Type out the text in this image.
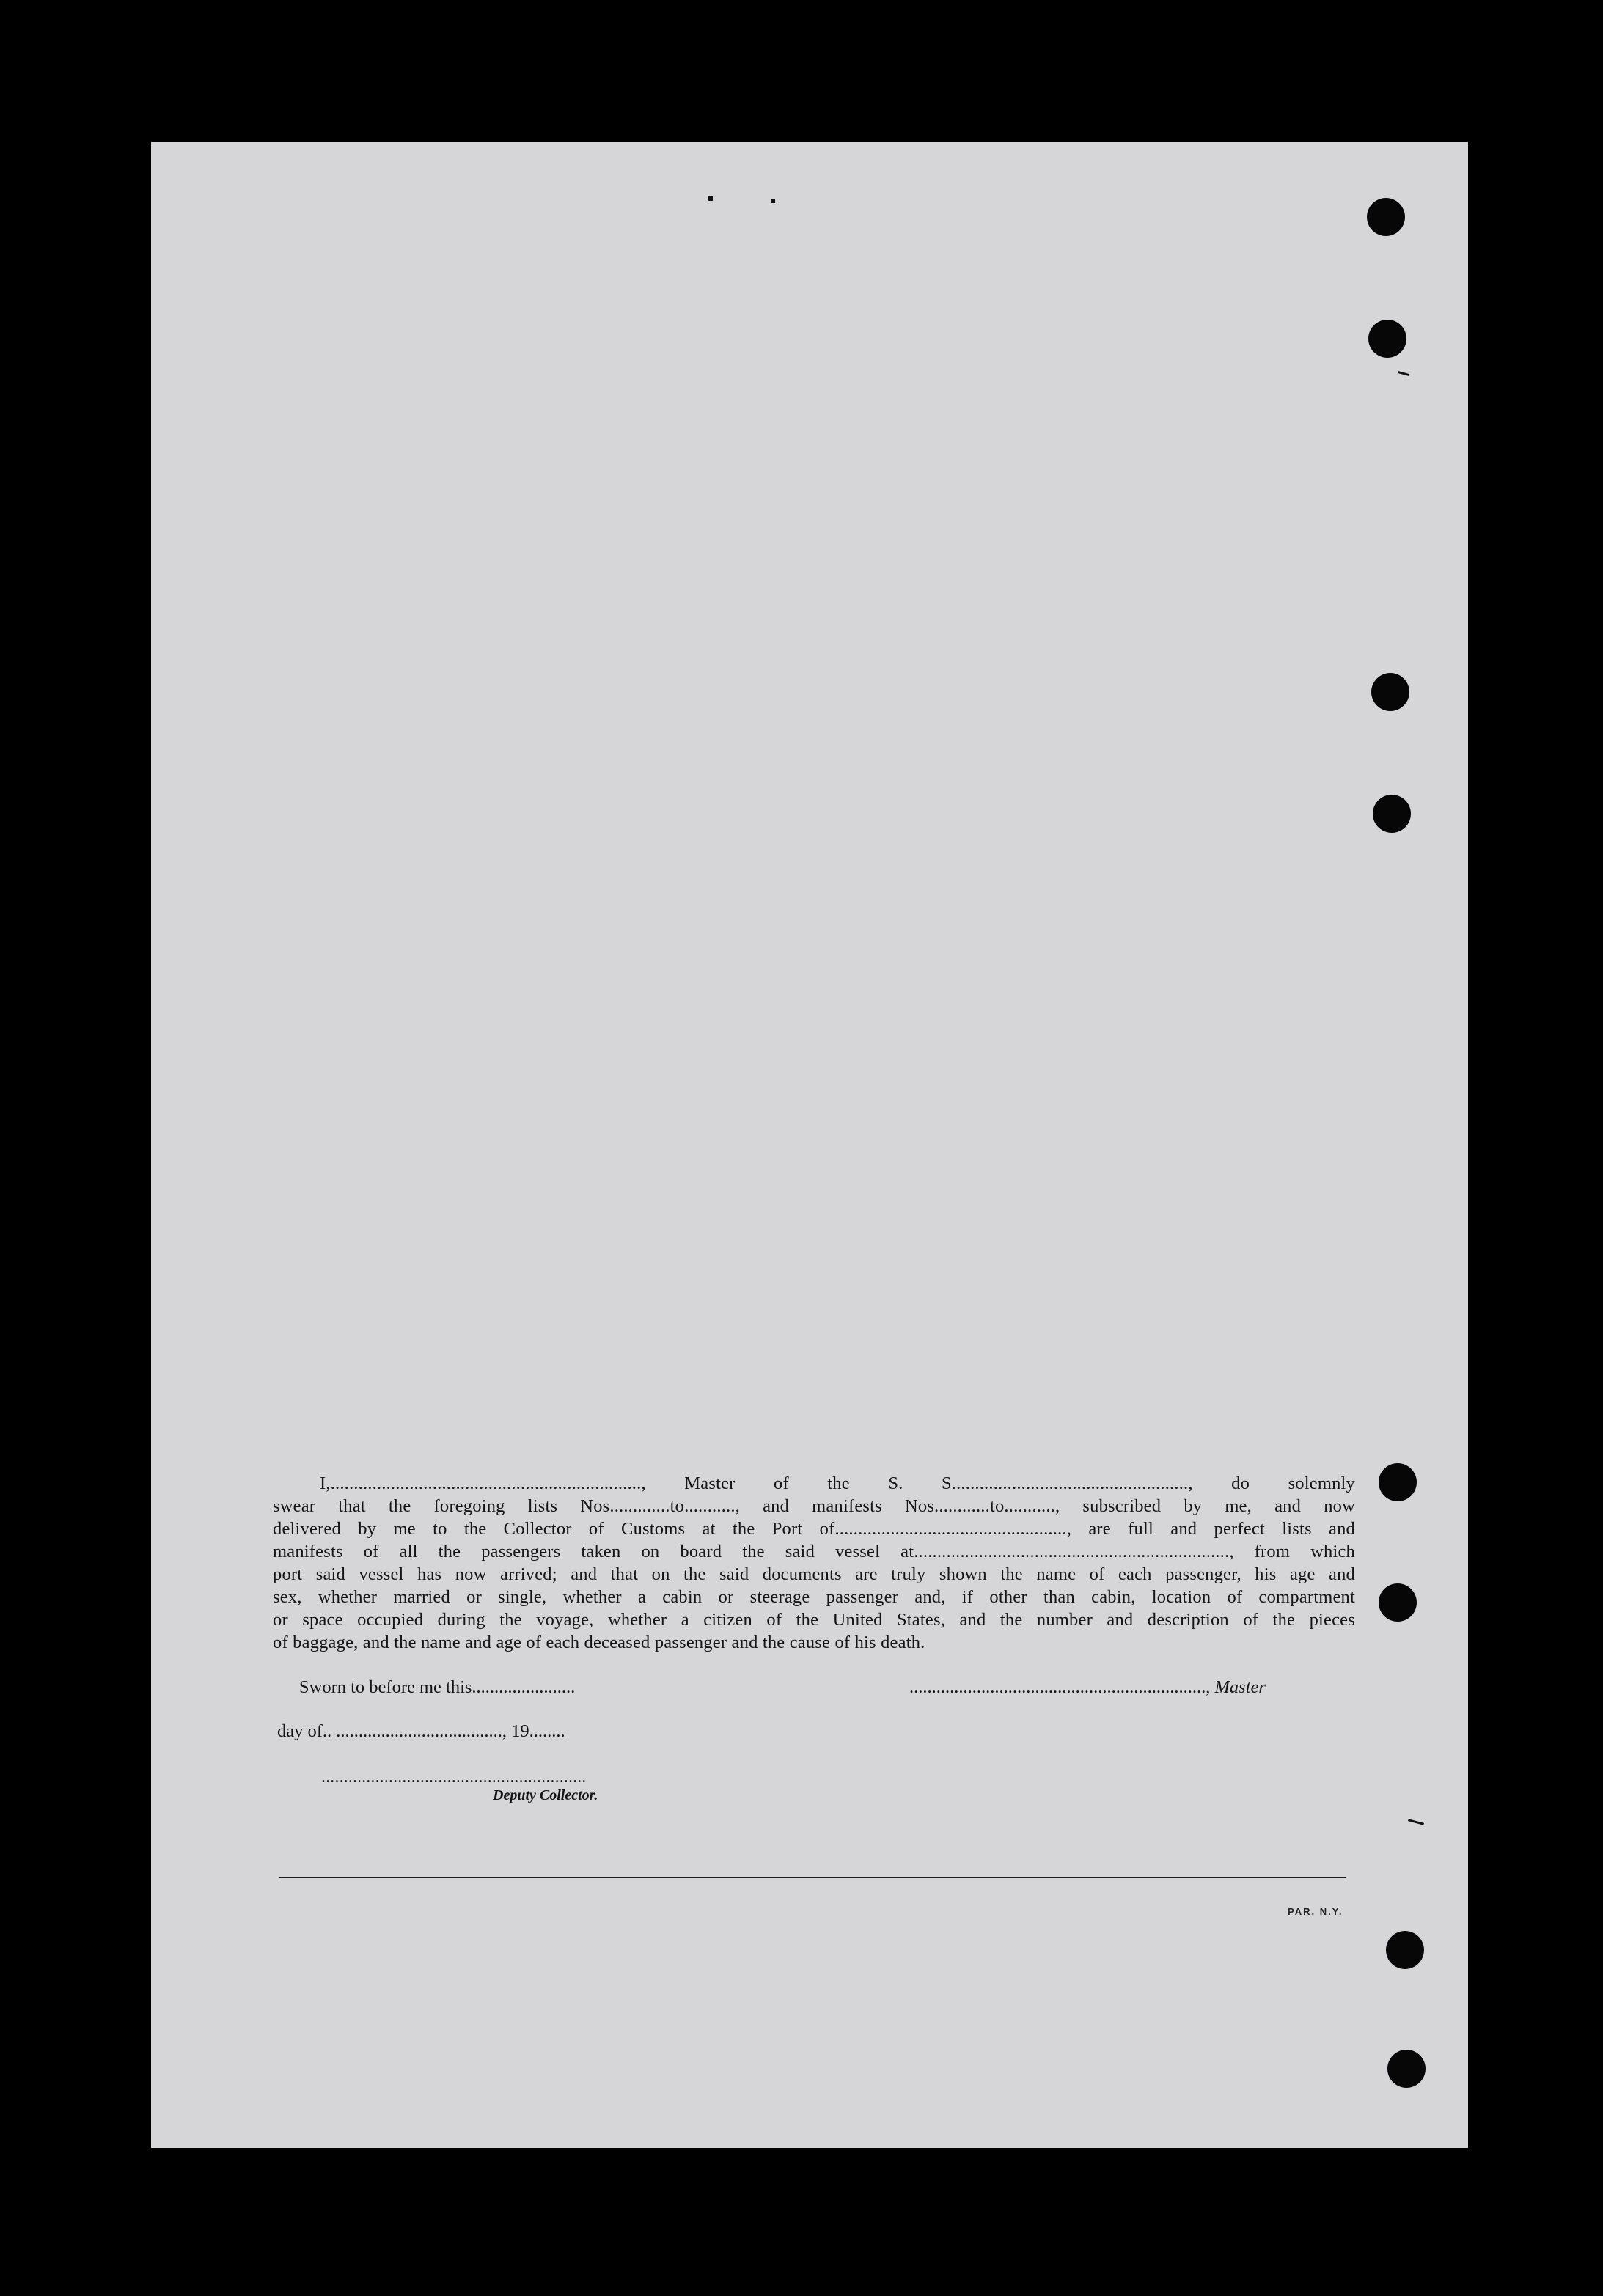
I,..................................................................., Master of the S. S..................................................., do solemnly
swear that the foregoing lists Nos.............to..........., and manifests Nos............to..........., subscribed by me, and now
delivered by me to the Collector of Customs at the Port of.................................................., are full and perfect lists and
manifests of all the passengers taken on board the said vessel at...................................................................., from which
port said vessel has now arrived; and that on the said documents are truly shown the name of each passenger, his age and
sex, whether married or single, whether a cabin or steerage passenger and, if other than cabin, location of compartment
or space occupied during the voyage, whether a citizen of the United States, and the number and description of the pieces
of baggage, and the name and age of each deceased passenger and the cause of his death.
Sworn to before me this.......................	.................................................................., Master
day of.. ....................................., 19........
...........................................................
Deputy Collector.
PAR. N.Y.
